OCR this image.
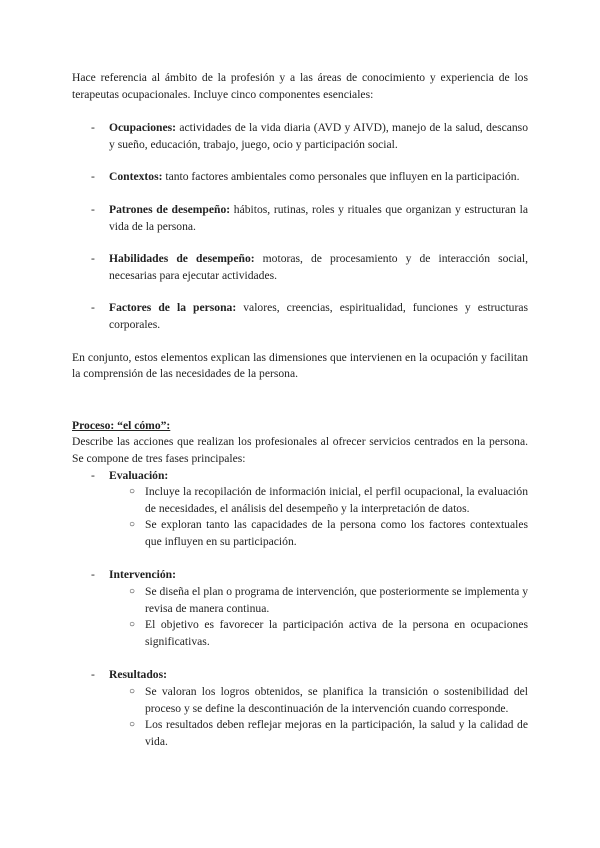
Hace referencia al ámbito de la profesión y a las áreas de conocimiento y experiencia de los terapeutas ocupacionales. Incluye cinco componentes esenciales:

- Ocupaciones: actividades de la vida diaria (AVD y AIVD), manejo de la salud, descanso y sueño, educación, trabajo, juego, ocio y participación social.
- Contextos: tanto factores ambientales como personales que influyen en la participación.
- Patrones de desempeño: hábitos, rutinas, roles y rituales que organizan y estructuran la vida de la persona.
- Habilidades de desempeño: motoras, de procesamiento y de interacción social, necesarias para ejecutar actividades.
- Factores de la persona: valores, creencias, espiritualidad, funciones y estructuras corporales.

En conjunto, estos elementos explican las dimensiones que intervienen en la ocupación y facilitan la comprensión de las necesidades de la persona.

Proceso: “el cómo”:

Describe las acciones que realizan los profesionales al ofrecer servicios centrados en la persona. Se compone de tres fases principales:

- Evaluación:
○ Incluye la recopilación de información inicial, el perfil ocupacional, la evaluación de necesidades, el análisis del desempeño y la interpretación de datos.
○ Se exploran tanto las capacidades de la persona como los factores contextuales que influyen en su participación.
- Intervención:
○ Se diseña el plan o programa de intervención, que posteriormente se implementa y revisa de manera continua.
○ El objetivo es favorecer la participación activa de la persona en ocupaciones significativas.
- Resultados:
○ Se valoran los logros obtenidos, se planifica la transición o sostenibilidad del proceso y se define la descontinuación de la intervención cuando corresponde.
○ Los resultados deben reflejar mejoras en la participación, la salud y la calidad de vida.
